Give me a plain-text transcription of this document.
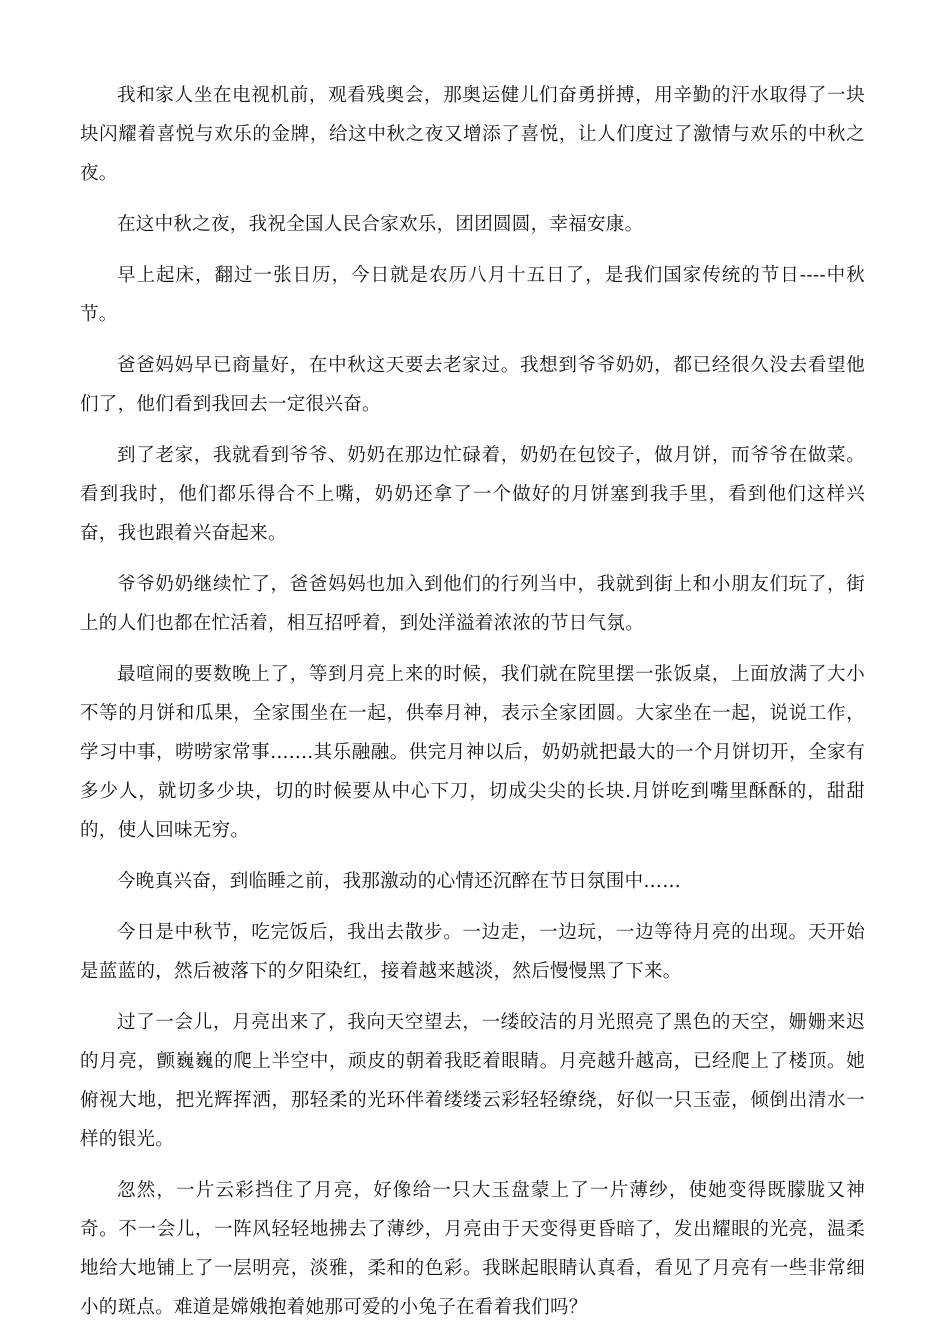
我和家人坐在电视机前，观看残奥会，那奥运健儿们奋勇拼搏，用辛勤的汗水取得了一块块闪耀着喜悦与欢乐的金牌，给这中秋之夜又增添了喜悦，让人们度过了激情与欢乐的中秋之夜。

在这中秋之夜，我祝全国人民合家欢乐，团团圆圆，幸福安康。

早上起床，翻过一张日历，今日就是农历八月十五日了，是我们国家传统的节日----中秋节。

爸爸妈妈早已商量好，在中秋这天要去老家过。我想到爷爷奶奶，都已经很久没去看望他们了，他们看到我回去一定很兴奋。

到了老家，我就看到爷爷、奶奶在那边忙碌着，奶奶在包饺子，做月饼，而爷爷在做菜。看到我时，他们都乐得合不上嘴，奶奶还拿了一个做好的月饼塞到我手里，看到他们这样兴奋，我也跟着兴奋起来。

爷爷奶奶继续忙了，爸爸妈妈也加入到他们的行列当中，我就到街上和小朋友们玩了，街上的人们也都在忙活着，相互招呼着，到处洋溢着浓浓的节日气氛。

最喧闹的要数晚上了，等到月亮上来的时候，我们就在院里摆一张饭桌，上面放满了大小不等的月饼和瓜果，全家围坐在一起，供奉月神，表示全家团圆。大家坐在一起，说说工作，学习中事，唠唠家常事.......其乐融融。供完月神以后，奶奶就把最大的一个月饼切开，全家有多少人，就切多少块，切的时候要从中心下刀，切成尖尖的长块.月饼吃到嘴里酥酥的，甜甜的，使人回味无穷。

今晚真兴奋，到临睡之前，我那激动的心情还沉醉在节日氛围中……

今日是中秋节，吃完饭后，我出去散步。一边走，一边玩，一边等待月亮的出现。天开始是蓝蓝的，然后被落下的夕阳染红，接着越来越淡，然后慢慢黑了下来。

过了一会儿，月亮出来了，我向天空望去，一缕皎洁的月光照亮了黑色的天空，姗姗来迟的月亮，颤巍巍的爬上半空中，顽皮的朝着我眨着眼睛。月亮越升越高，已经爬上了楼顶。她俯视大地，把光辉挥洒，那轻柔的光环伴着缕缕云彩轻轻缭绕，好似一只玉壶，倾倒出清水一样的银光。

忽然，一片云彩挡住了月亮，好像给一只大玉盘蒙上了一片薄纱，使她变得既朦胧又神奇。不一会儿，一阵风轻轻地拂去了薄纱，月亮由于天变得更昏暗了，发出耀眼的光亮，温柔地给大地铺上了一层明亮，淡雅，柔和的色彩。我眯起眼睛认真看，看见了月亮有一些非常细小的斑点。难道是嫦娥抱着她那可爱的小兔子在看着我们吗？
